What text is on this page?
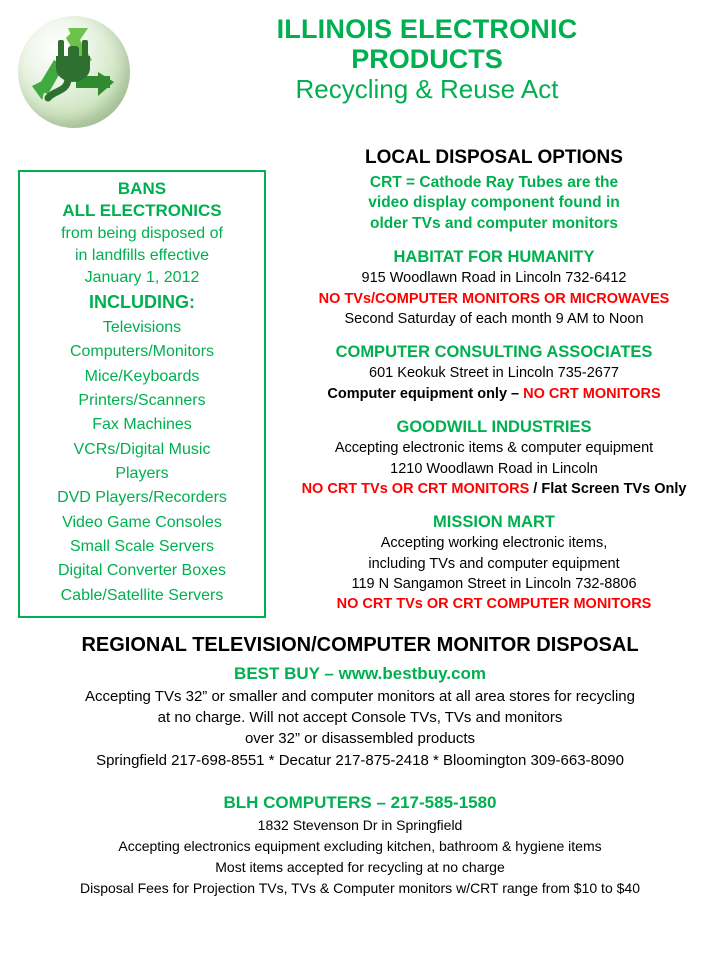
ILLINOIS ELECTRONIC
PRODUCTS
Recycling & Reuse Act
BANS
ALL ELECTRONICS
from being disposed of
in landfills effective
January 1, 2012
INCLUDING:
Televisions
Computers/Monitors
Mice/Keyboards
Printers/Scanners
Fax Machines
VCRs/Digital Music
Players
DVD Players/Recorders
Video Game Consoles
Small Scale Servers
Digital Converter Boxes
Cable/Satellite Servers
LOCAL DISPOSAL OPTIONS
CRT = Cathode Ray Tubes are the
video display component found in
older TVs and computer monitors
HABITAT FOR HUMANITY
915 Woodlawn Road in Lincoln 732-6412
NO TVs/COMPUTER MONITORS OR MICROWAVES
Second Saturday of each month 9 AM to Noon
COMPUTER CONSULTING ASSOCIATES
601 Keokuk Street in Lincoln 735-2677
Computer equipment only – NO CRT MONITORS
GOODWILL INDUSTRIES
Accepting electronic items & computer equipment
1210 Woodlawn Road in Lincoln
NO CRT TVs OR CRT MONITORS / Flat Screen TVs Only
MISSION MART
Accepting working electronic items,
including TVs and computer equipment
119 N Sangamon Street in Lincoln 732-8806
NO CRT TVs OR CRT COMPUTER MONITORS
REGIONAL TELEVISION/COMPUTER MONITOR DISPOSAL
BEST BUY – www.bestbuy.com
Accepting TVs 32” or smaller and computer monitors at all area stores for recycling
at no charge. Will not accept Console TVs, TVs and monitors
over 32” or disassembled products
Springfield 217-698-8551 * Decatur 217-875-2418 * Bloomington 309-663-8090
BLH COMPUTERS – 217-585-1580
1832 Stevenson Dr in Springfield
Accepting electronics equipment excluding kitchen, bathroom & hygiene items
Most items accepted for recycling at no charge
Disposal Fees for Projection TVs, TVs & Computer monitors w/CRT range from $10 to $40
